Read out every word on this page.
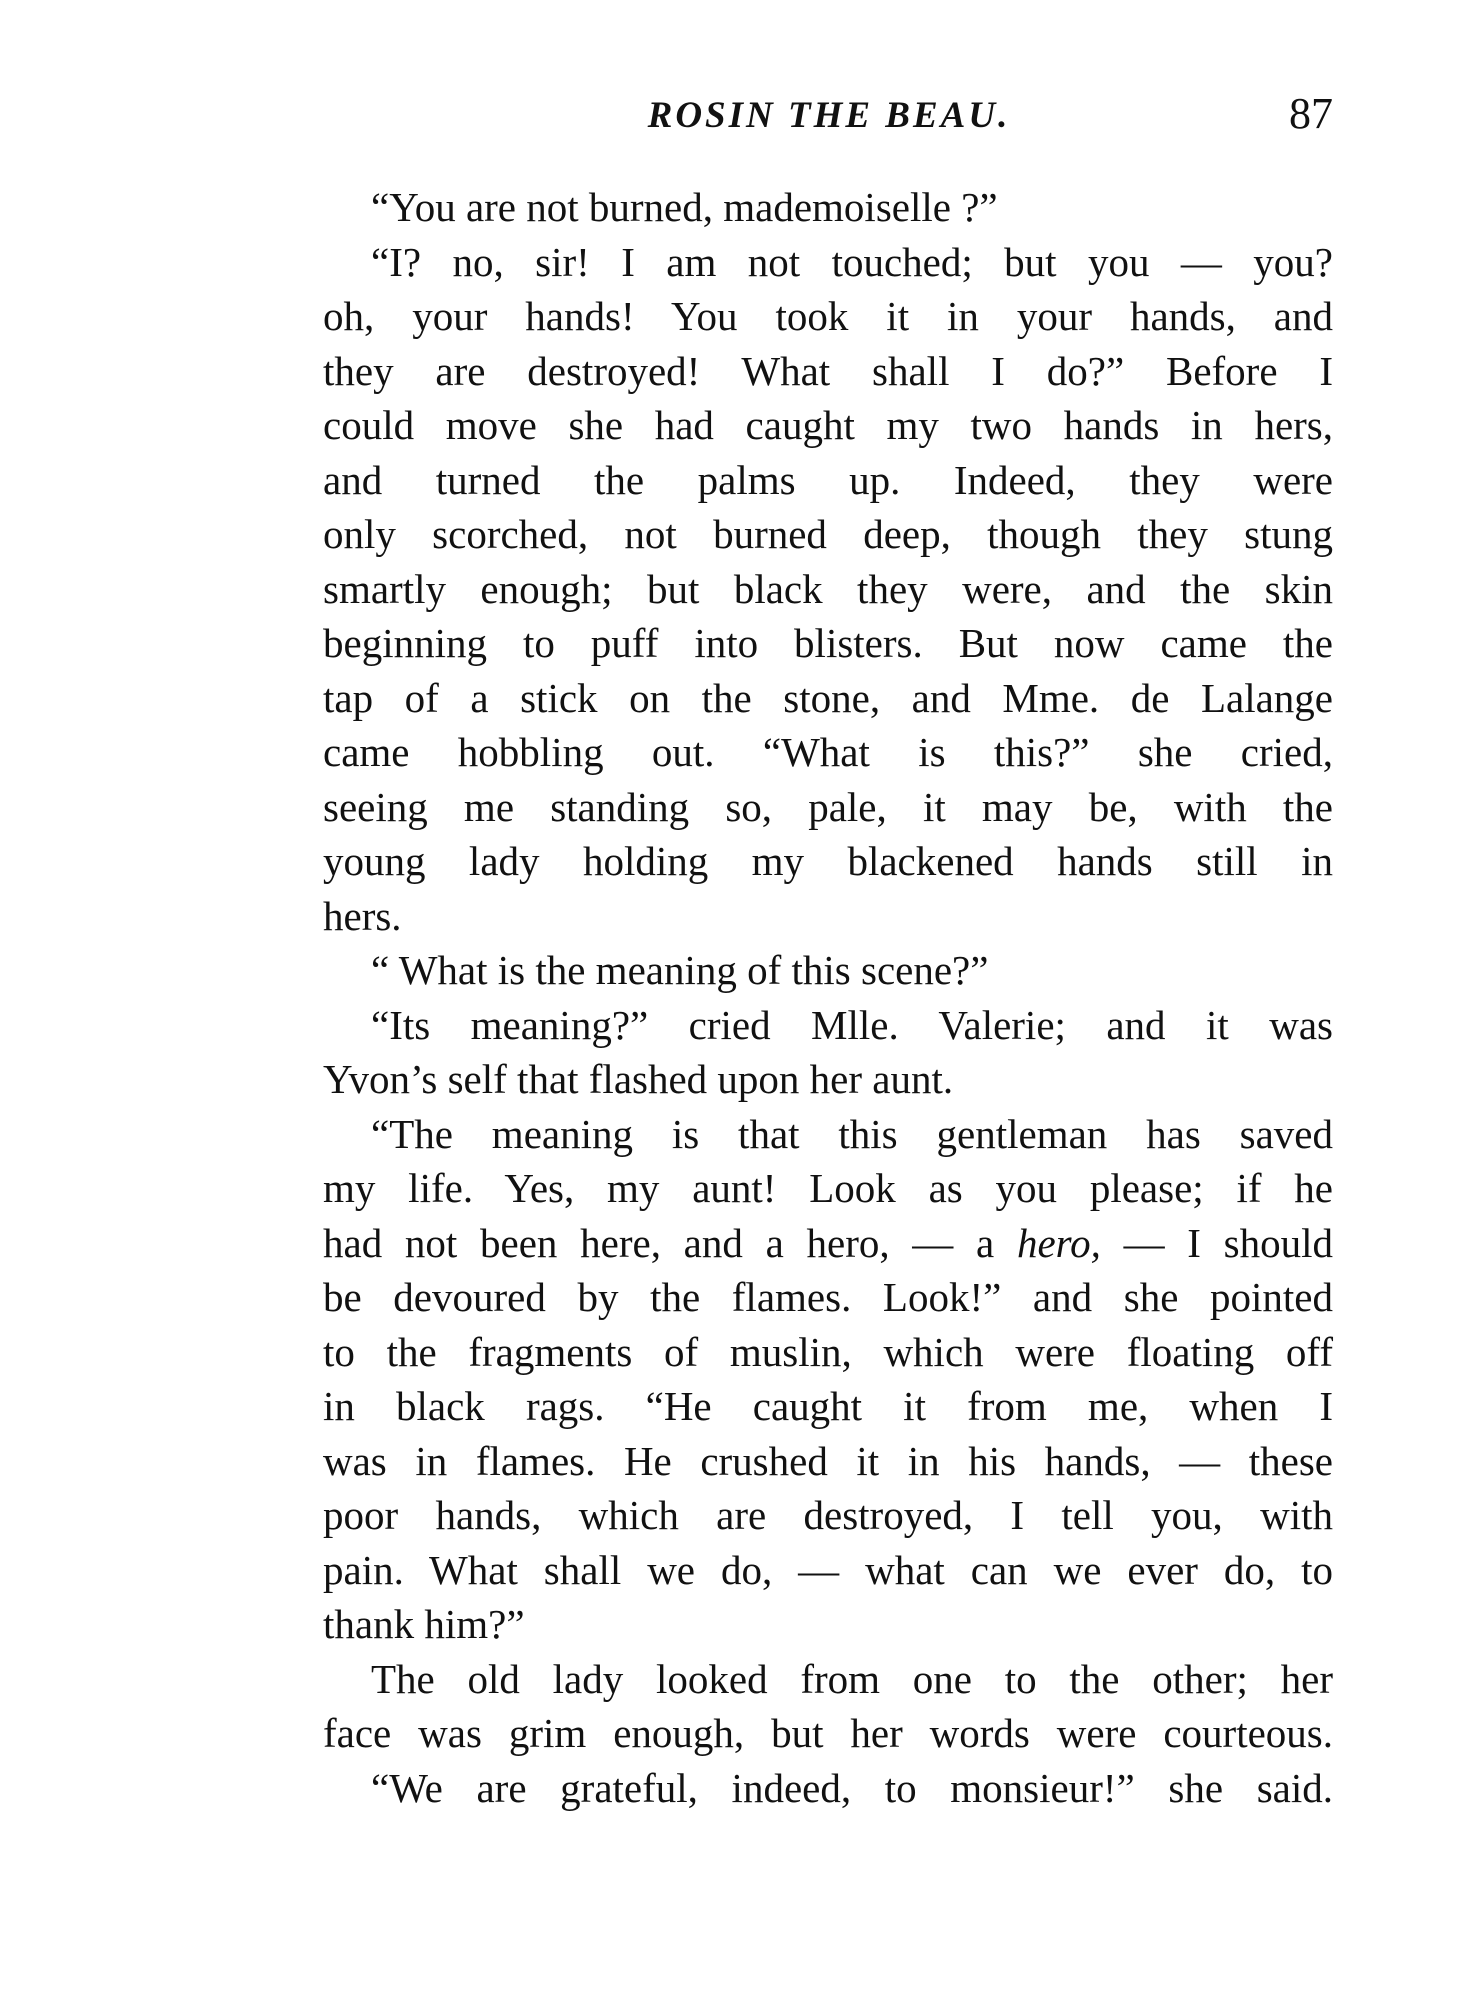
ROSIN THE BEAU.	87
“You are not burned, mademoiselle ?”
“I? no, sir! I am not touched; but you — you?
oh, your hands! You took it in your hands, and
they are destroyed! What shall I do?” Before I
could move she had caught my two hands in hers,
and turned the palms up. Indeed, they were
only scorched, not burned deep, though they stung
smartly enough; but black they were, and the skin
beginning to puff into blisters. But now came the
tap of a stick on the stone, and Mme. de Lalange
came hobbling out. “What is this?” she cried,
seeing me standing so, pale, it may be, with the
young lady holding my blackened hands still in
hers.
“ What is the meaning of this scene?”
“Its meaning?” cried Mlle. Valerie; and it was
Yvon’s self that flashed upon her aunt.
“The meaning is that this gentleman has saved
my life. Yes, my aunt! Look as you please; if he
had not been here, and a hero, — a hero, — I should
be devoured by the flames. Look!” and she pointed
to the fragments of muslin, which were floating off
in black rags. “He caught it from me, when I
was in flames. He crushed it in his hands, — these
poor hands, which are destroyed, I tell you, with
pain. What shall we do, — what can we ever do, to
thank him?”
The old lady looked from one to the other; her
face was grim enough, but her words were courteous.
“We are grateful, indeed, to monsieur!” she said.
